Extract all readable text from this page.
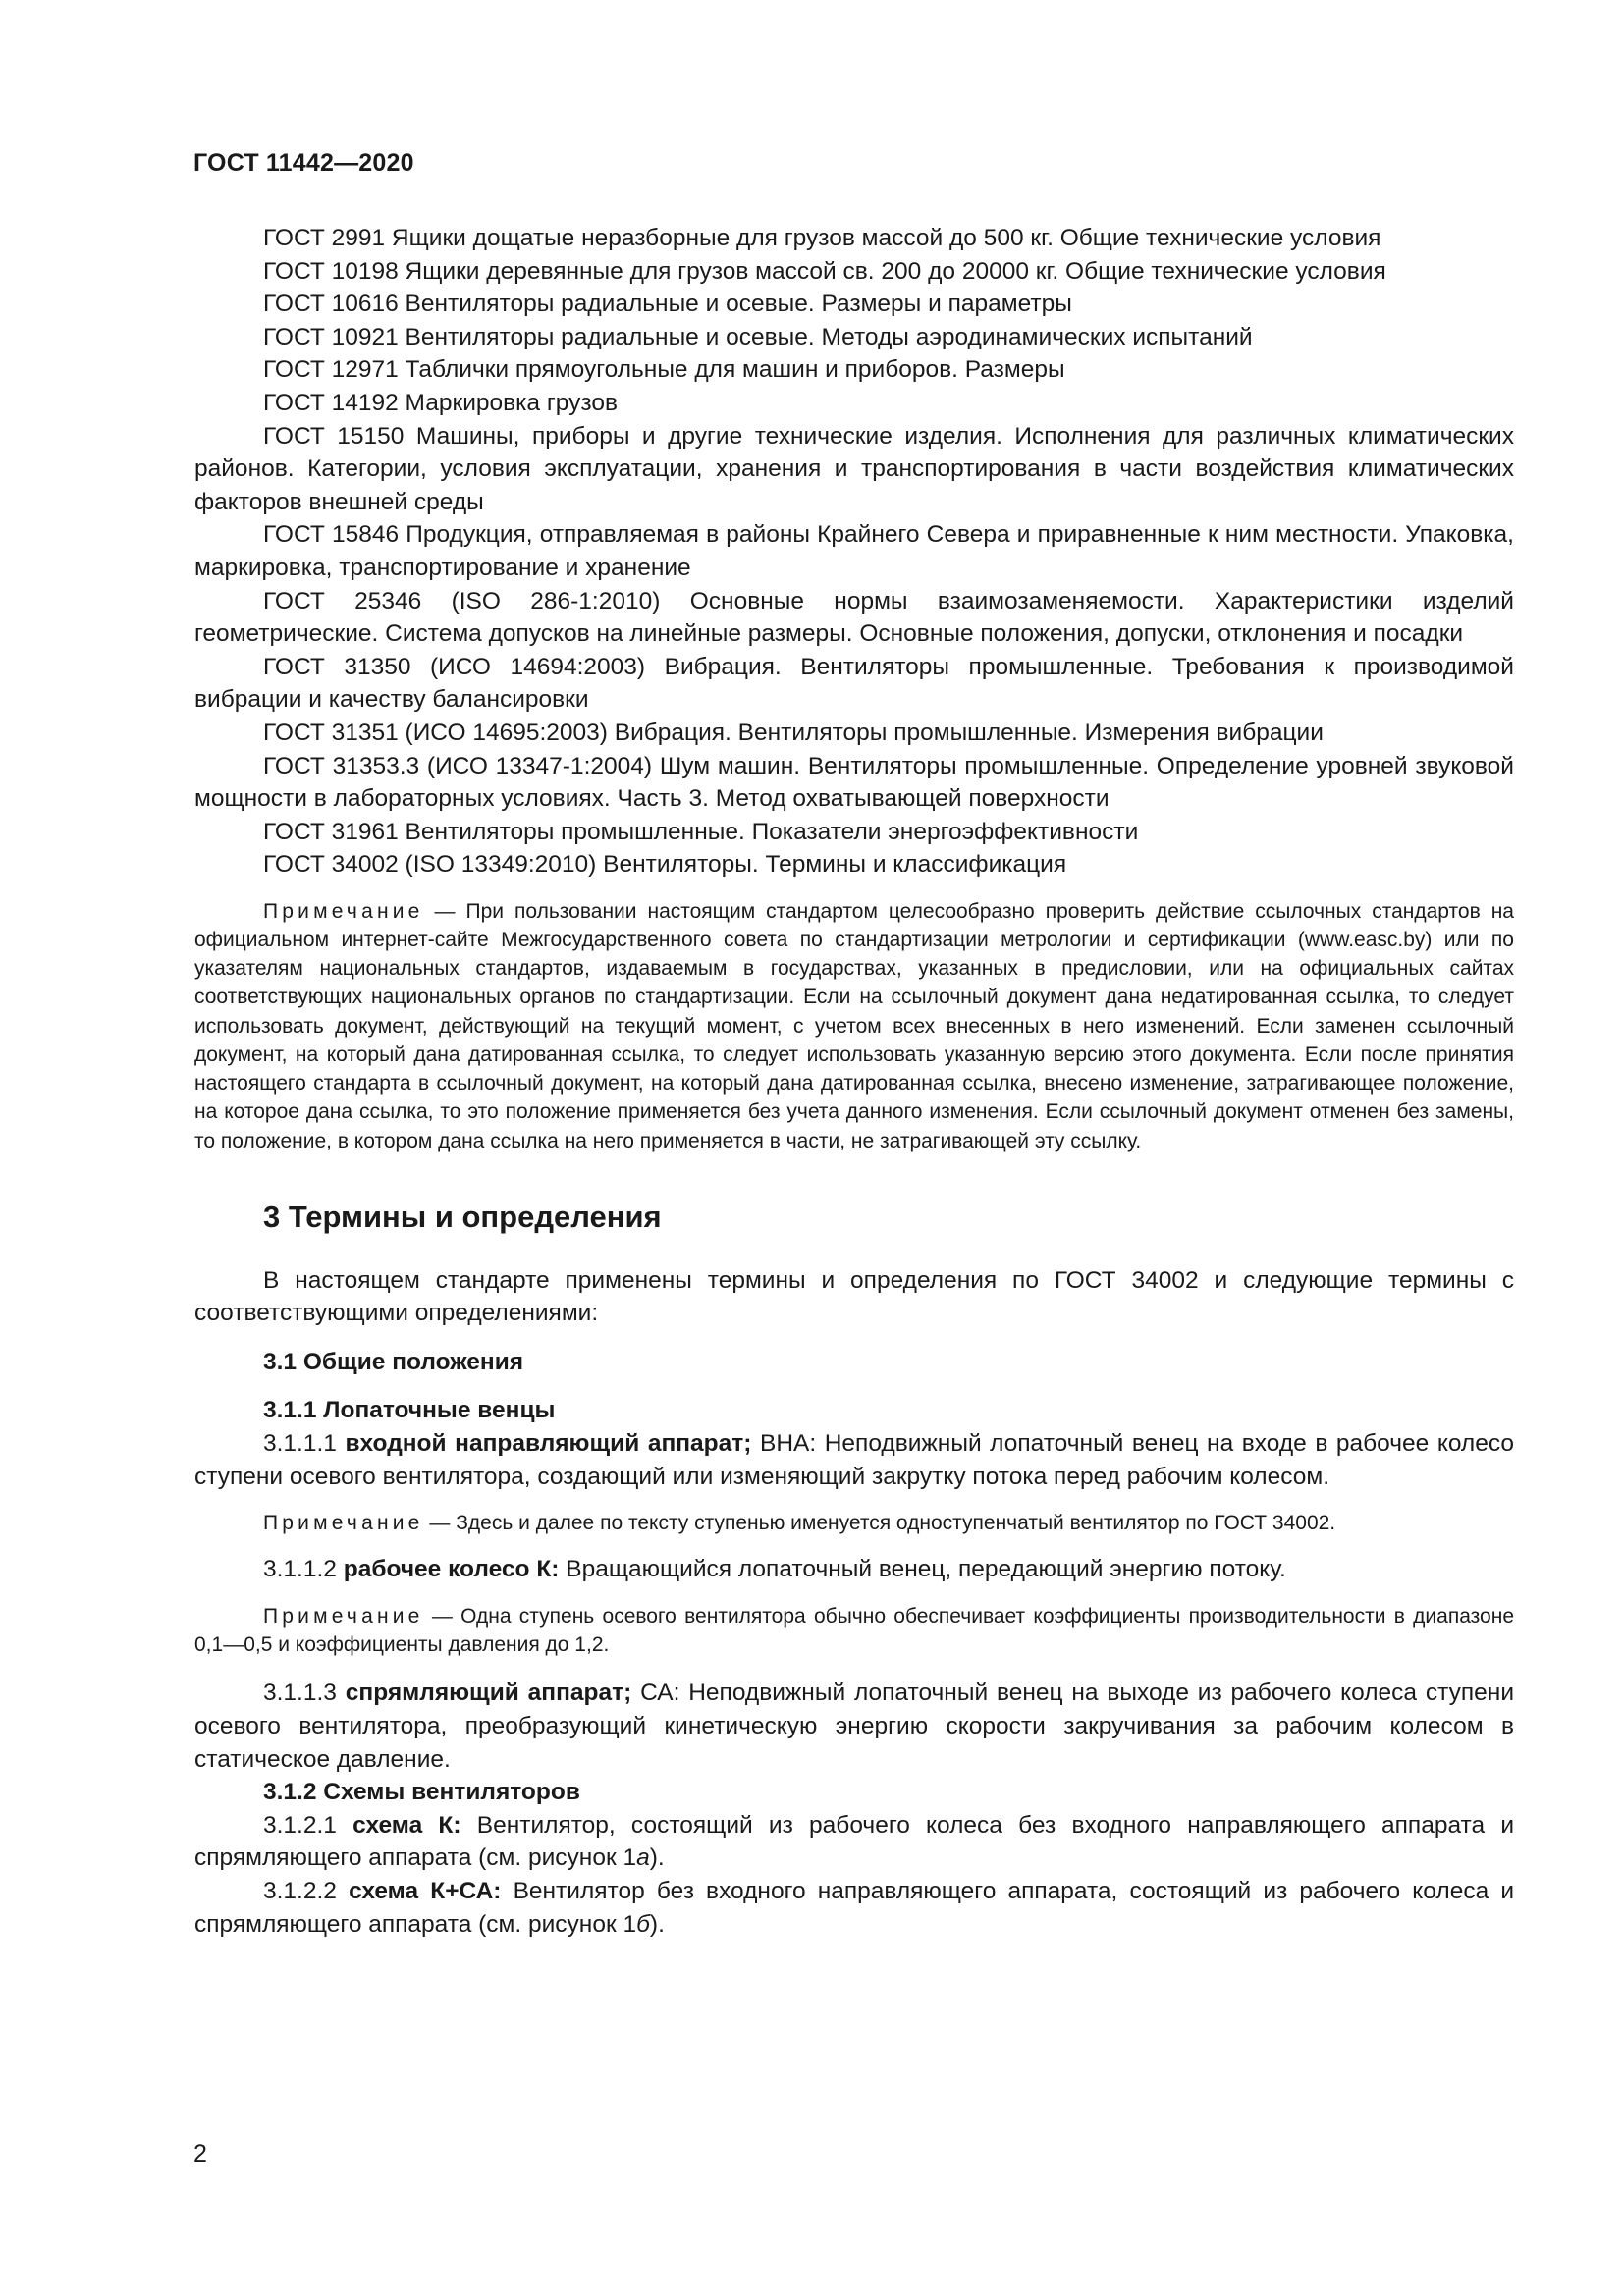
ГОСТ 11442—2020

ГОСТ 2991 Ящики дощатые неразборные для грузов массой до 500 кг. Общие технические условия

ГОСТ 10198 Ящики деревянные для грузов массой св. 200 до 20000 кг. Общие технические условия

ГОСТ 10616 Вентиляторы радиальные и осевые. Размеры и параметры

ГОСТ 10921 Вентиляторы радиальные и осевые. Методы аэродинамических испытаний

ГОСТ 12971 Таблички прямоугольные для машин и приборов. Размеры

ГОСТ 14192 Маркировка грузов

ГОСТ 15150 Машины, приборы и другие технические изделия. Исполнения для различных климатических районов. Категории, условия эксплуатации, хранения и транспортирования в части воздействия климатических факторов внешней среды

ГОСТ 15846 Продукция, отправляемая в районы Крайнего Севера и приравненные к ним местности. Упаковка, маркировка, транспортирование и хранение

ГОСТ 25346 (ISO 286-1:2010) Основные нормы взаимозаменяемости. Характеристики изделий геометрические. Система допусков на линейные размеры. Основные положения, допуски, отклонения и посадки

ГОСТ 31350 (ИСО 14694:2003) Вибрация. Вентиляторы промышленные. Требования к производимой вибрации и качеству балансировки

ГОСТ 31351 (ИСО 14695:2003) Вибрация. Вентиляторы промышленные. Измерения вибрации

ГОСТ 31353.3 (ИСО 13347-1:2004) Шум машин. Вентиляторы промышленные. Определение уровней звуковой мощности в лабораторных условиях. Часть 3. Метод охватывающей поверхности

ГОСТ 31961 Вентиляторы промышленные. Показатели энергоэффективности

ГОСТ 34002 (ISO 13349:2010) Вентиляторы. Термины и классификация

Примечание — При пользовании настоящим стандартом целесообразно проверить действие ссылочных стандартов на официальном интернет-сайте Межгосударственного совета по стандартизации метрологии и сертификации (www.easc.by) или по указателям национальных стандартов, издаваемым в государствах, указанных в предисловии, или на официальных сайтах соответствующих национальных органов по стандартизации. Если на ссылочный документ дана недатированная ссылка, то следует использовать документ, действующий на текущий момент, с учетом всех внесенных в него изменений. Если заменен ссылочный документ, на который дана датированная ссылка, то следует использовать указанную версию этого документа. Если после принятия настоящего стандарта в ссылочный документ, на который дана датированная ссылка, внесено изменение, затрагивающее положение, на которое дана ссылка, то это положение применяется без учета данного изменения. Если ссылочный документ отменен без замены, то положение, в котором дана ссылка на него применяется в части, не затрагивающей эту ссылку.

3 Термины и определения

В настоящем стандарте применены термины и определения по ГОСТ 34002 и следующие термины с соответствующими определениями:

3.1 Общие положения

3.1.1 Лопаточные венцы

3.1.1.1 входной направляющий аппарат; ВНА: Неподвижный лопаточный венец на входе в рабочее колесо ступени осевого вентилятора, создающий или изменяющий закрутку потока перед рабочим колесом.

Примечание — Здесь и далее по тексту ступенью именуется одноступенчатый вентилятор по ГОСТ 34002.

3.1.1.2 рабочее колесо К: Вращающийся лопаточный венец, передающий энергию потоку.

Примечание — Одна ступень осевого вентилятора обычно обеспечивает коэффициенты производительности в диапазоне 0,1—0,5 и коэффициенты давления до 1,2.

3.1.1.3 спрямляющий аппарат; СА: Неподвижный лопаточный венец на выходе из рабочего колеса ступени осевого вентилятора, преобразующий кинетическую энергию скорости закручивания за рабочим колесом в статическое давление.

3.1.2 Схемы вентиляторов

3.1.2.1 схема К: Вентилятор, состоящий из рабочего колеса без входного направляющего аппарата и спрямляющего аппарата (см. рисунок 1а).

3.1.2.2 схема К+СА: Вентилятор без входного направляющего аппарата, состоящий из рабочего колеса и спрямляющего аппарата (см. рисунок 1б).

2
